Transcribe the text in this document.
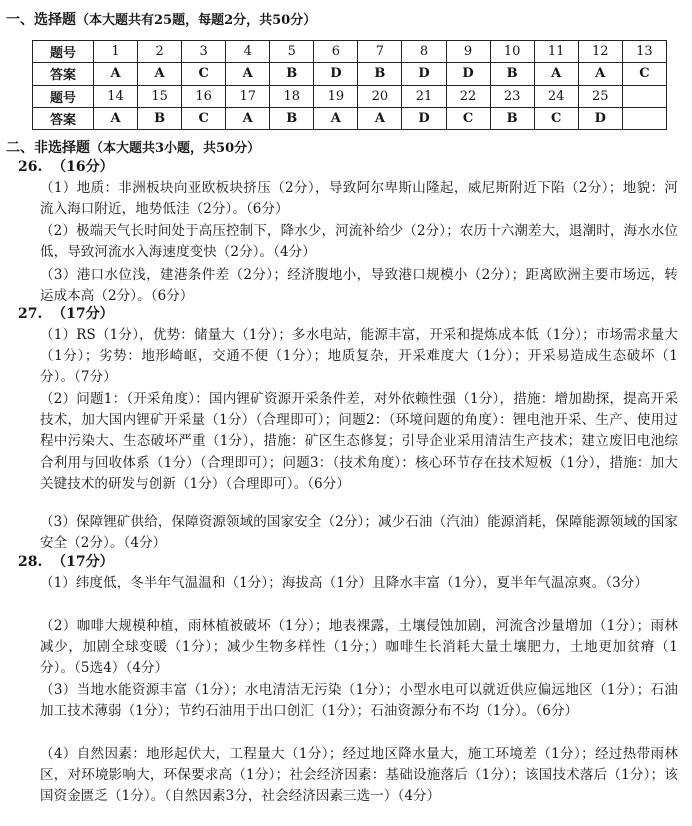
一、选择题（本大题共有25题，每题2分，共50分）
题号	1	2	3	4	5	6	7	8	9	10	11	12	13
答案	A	A	C	A	B	D	B	D	D	B	A	A	C
题号	14	15	16	17	18	19	20	21	22	23	24	25	
答案	A	B	C	A	B	A	A	D	C	B	C	D	
二、非选择题（本大题共3小题，共50分）
26. （16分）
（1）地质：非洲板块向亚欧板块挤压（2分），导致阿尔卑斯山隆起，威尼斯附近下陷（2分）；地貌：河流入海口附近，地势低洼（2分）。（6分）
（2）极端天气长时间处于高压控制下，降水少，河流补给少（2分）；农历十六潮差大，退潮时，海水水位低，导致河流水入海速度变快（2分）。（4分）
（3）港口水位浅，建港条件差（2分）；经济腹地小，导致港口规模小（2分）；距离欧洲主要市场远，转运成本高（2分）。（6分）
27. （17分）
（1）RS（1分），优势：储量大（1分）；多水电站，能源丰富，开采和提炼成本低（1分）；市场需求量大（1分）；劣势：地形崎岖，交通不便（1分）；地质复杂，开采难度大（1分）；开采易造成生态破坏（1分）。（7分）
（2）问题1：（开采角度）：国内锂矿资源开采条件差，对外依赖性强（1分），措施：增加勘探，提高开采技术，加大国内锂矿开采量（1分）（合理即可）；问题2：（环境问题的角度）：锂电池开采、生产、使用过程中污染大、生态破坏严重（1分），措施：矿区生态修复；引导企业采用清洁生产技术；建立废旧电池综合利用与回收体系（1分）（合理即可）；问题3：（技术角度）：核心环节存在技术短板（1分），措施：加大关键技术的研发与创新（1分）（合理即可）。（6分）
（3）保障锂矿供给，保障资源领域的国家安全（2分）；减少石油（汽油）能源消耗，保障能源领域的国家安全（2分）。（4分）
28. （17分）
（1）纬度低，冬半年气温温和（1分）；海拔高（1分）且降水丰富（1分），夏半年气温凉爽。（3分）
（2）咖啡大规模种植，雨林植被破坏（1分）；地表裸露，土壤侵蚀加剧，河流含沙量增加（1分）；雨林减少，加剧全球变暖（1分）；减少生物多样性（1分；）咖啡生长消耗大量土壤肥力，土地更加贫瘠（1分）。（5选4）（4分）
（3）当地水能资源丰富（1分）；水电清洁无污染（1分）；小型水电可以就近供应偏远地区（1分）；石油加工技术薄弱（1分）；节约石油用于出口创汇（1分）；石油资源分布不均（1分）。（6分）
（4）自然因素：地形起伏大，工程量大（1分）；经过地区降水量大，施工环境差（1分）；经过热带雨林区，对环境影响大，环保要求高（1分）；社会经济因素：基础设施落后（1分）；该国技术落后（1分）；该国资金匮乏（1分）。（自然因素3分，社会经济因素三选一）（4分）
